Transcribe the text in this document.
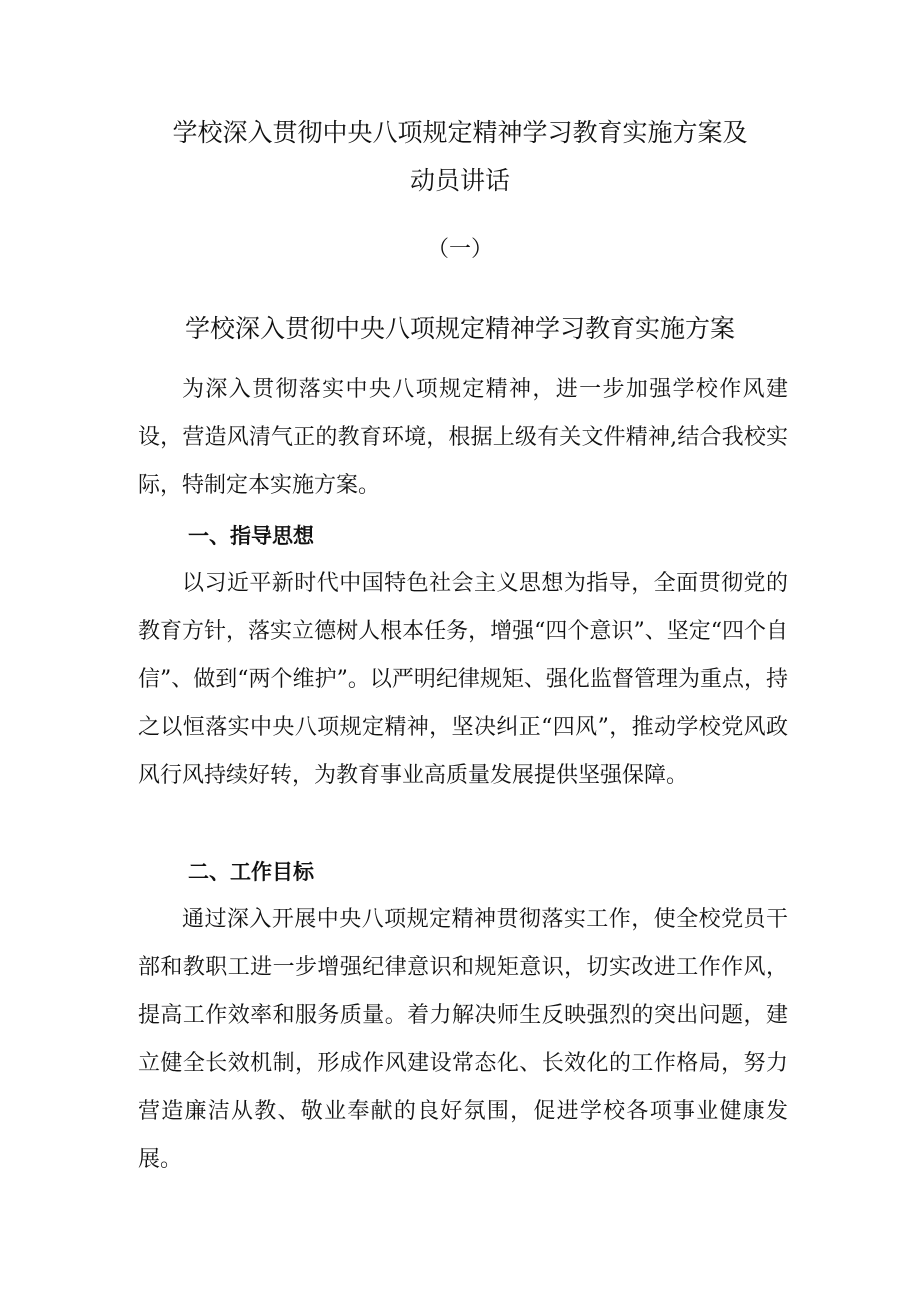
学校深入贯彻中央八项规定精神学习教育实施方案及
动员讲话
（一）
学校深入贯彻中央八项规定精神学习教育实施方案

为深入贯彻落实中央八项规定精神，进一步加强学校作风建设，营造风清气正的教育环境，根据上级有关文件精神,结合我校实际，特制定本实施方案。

一、指导思想

以习近平新时代中国特色社会主义思想为指导，全面贯彻党的教育方针，落实立德树人根本任务，增强“四个意识”、坚定“四个自信”、做到“两个维护”。以严明纪律规矩、强化监督管理为重点，持之以恒落实中央八项规定精神，坚决纠正“四风”，推动学校党风政风行风持续好转，为教育事业高质量发展提供坚强保障。

二、工作目标

通过深入开展中央八项规定精神贯彻落实工作，使全校党员干部和教职工进一步增强纪律意识和规矩意识，切实改进工作作风，提高工作效率和服务质量。着力解决师生反映强烈的突出问题，建立健全长效机制，形成作风建设常态化、长效化的工作格局，努力营造廉洁从教、敬业奉献的良好氛围，促进学校各项事业健康发展。
